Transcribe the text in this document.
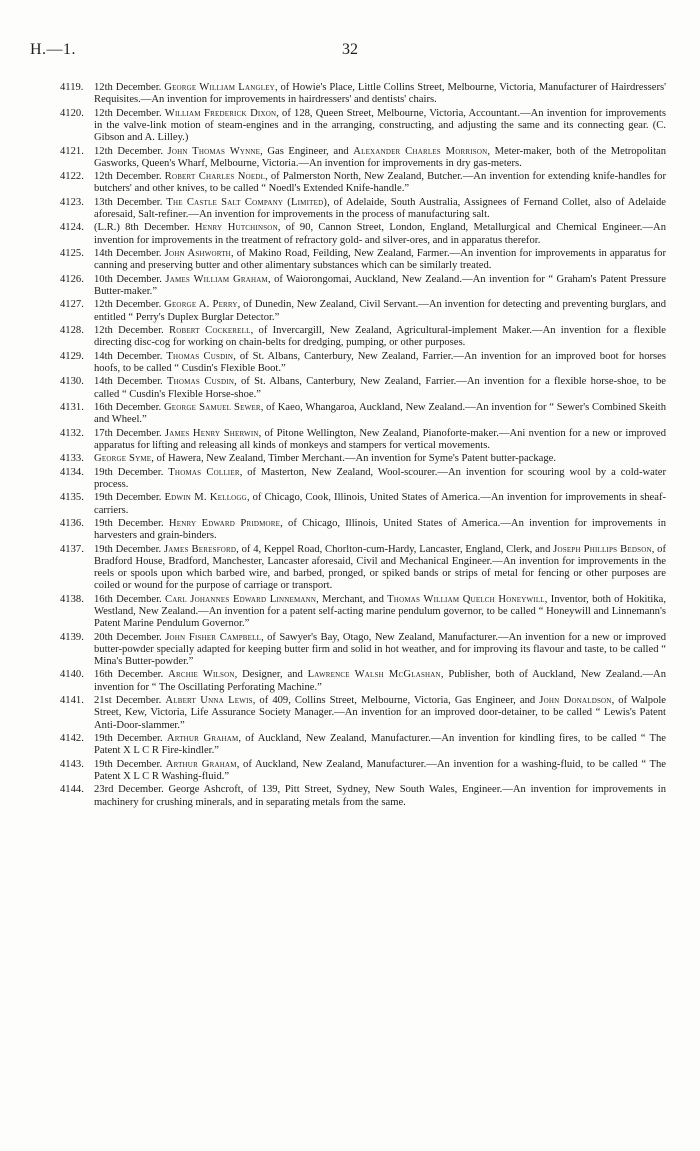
H.—1.	32
4119. 12th December. George William Langley, of Howie's Place, Little Collins Street, Melbourne, Victoria, Manufacturer of Hairdressers' Requisites.—An invention for improvements in hairdressers' and dentists' chairs.
4120. 12th December. William Frederick Dixon, of 128, Queen Street, Melbourne, Victoria, Accountant.—An invention for improvements in the valve-link motion of steam-engines and in the arranging, constructing, and adjusting the same and its connecting gear. (C. Gibson and A. Lilley.)
4121. 12th December. John Thomas Wynne, Gas Engineer, and Alexander Charles Morrison, Meter-maker, both of the Metropolitan Gasworks, Queen's Wharf, Melbourne, Victoria.—An invention for improvements in dry gas-meters.
4122. 12th December. Robert Charles Noedl, of Palmerston North, New Zealand, Butcher.—An invention for extending knife-handles for butchers' and other knives, to be called “ Noedl's Extended Knife-handle.”
4123. 13th December. The Castle Salt Company (Limited), of Adelaide, South Australia, Assignees of Fernand Collet, also of Adelaide aforesaid, Salt-refiner.—An invention for improvements in the process of manufacturing salt.
4124. (L.R.) 8th December. Henry Hutchinson, of 90, Cannon Street, London, England, Metallurgical and Chemical Engineer.—An invention for improvements in the treatment of refractory gold- and silver-ores, and in apparatus therefor.
4125. 14th December. John Ashworth, of Makino Road, Feilding, New Zealand, Farmer.—An invention for improvements in apparatus for canning and preserving butter and other alimentary substances which can be similarly treated.
4126. 10th December. James William Graham, of Waiorongomai, Auckland, New Zealand.—An invention for “ Graham's Patent Pressure Butter-maker.”
4127. 12th December. George A. Perry, of Dunedin, New Zealand, Civil Servant.—An invention for detecting and preventing burglars, and entitled “ Perry's Duplex Burglar Detector.”
4128. 12th December. Robert Cockerell, of Invercargill, New Zealand, Agricultural-implement Maker.—An invention for a flexible directing disc-cog for working on chain-belts for dredging, pumping, or other purposes.
4129. 14th December. Thomas Cusdin, of St. Albans, Canterbury, New Zealand, Farrier.—An invention for an improved boot for horses hoofs, to be called “ Cusdin's Flexible Boot.”
4130. 14th December. Thomas Cusdin, of St. Albans, Canterbury, New Zealand, Farrier.—An invention for a flexible horse-shoe, to be called “ Cusdin's Flexible Horse-shoe.”
4131. 16th December. George Samuel Sewer, of Kaeo, Whangaroa, Auckland, New Zealand.—An invention for “ Sewer's Combined Skeith and Wheel.”
4132. 17th December. James Henry Sherwin, of Pitone Wellington, New Zealand, Pianoforte-maker.—Ani nvention for a new or improved apparatus for lifting and releasing all kinds of monkeys and stampers for vertical movements.
4133. George Syme, of Hawera, New Zealand, Timber Merchant.—An invention for Syme's Patent butter-package.
4134. 19th December. Thomas Collier, of Masterton, New Zealand, Wool-scourer.—An invention for scouring wool by a cold-water process.
4135. 19th December. Edwin M. Kellogg, of Chicago, Cook, Illinois, United States of America.—An invention for improvements in sheaf-carriers.
4136. 19th December. Henry Edward Pridmore, of Chicago, Illinois, United States of America.—An invention for improvements in harvesters and grain-binders.
4137. 19th December. James Beresford, of 4, Keppel Road, Chorlton-cum-Hardy, Lancaster, England, Clerk, and Joseph Phillips Bedson, of Bradford House, Bradford, Manchester, Lancaster aforesaid, Civil and Mechanical Engineer.—An invention for improvements in the reels or spools upon which barbed wire, and barbed, pronged, or spiked bands or strips of metal for fencing or other purposes are coiled or wound for the purpose of carriage or transport.
4138. 16th December. Carl Johannes Edward Linnemann, Merchant, and Thomas William Quelch Honeywill, Inventor, both of Hokitika, Westland, New Zealand.—An invention for a patent self-acting marine pendulum governor, to be called “ Honeywill and Linnemann's Patent Marine Pendulum Governor.”
4139. 20th December. John Fisher Campbell, of Sawyer's Bay, Otago, New Zealand, Manufacturer.—An invention for a new or improved butter-powder specially adapted for keeping butter firm and solid in hot weather, and for improving its flavour and taste, to be called “ Mina's Butter-powder.”
4140. 16th December. Archie Wilson, Designer, and Lawrence Walsh McGlashan, Publisher, both of Auckland, New Zealand.—An invention for “ The Oscillating Perforating Machine.”
4141. 21st December. Albert Unna Lewis, of 409, Collins Street, Melbourne, Victoria, Gas Engineer, and John Donaldson, of Walpole Street, Kew, Victoria, Life Assurance Society Manager.—An invention for an improved door-detainer, to be called “ Lewis's Patent Anti-Door-slammer.”
4142. 19th December. Arthur Graham, of Auckland, New Zealand, Manufacturer.—An invention for kindling fires, to be called “ The Patent X L C R Fire-kindler.”
4143. 19th December. Arthur Graham, of Auckland, New Zealand, Manufacturer.—An invention for a washing-fluid, to be called “ The Patent X L C R Washing-fluid.”
4144. 23rd December. George Ashcroft, of 139, Pitt Street, Sydney, New South Wales, Engineer.—An invention for improvements in machinery for crushing minerals, and in separating metals from the same.
